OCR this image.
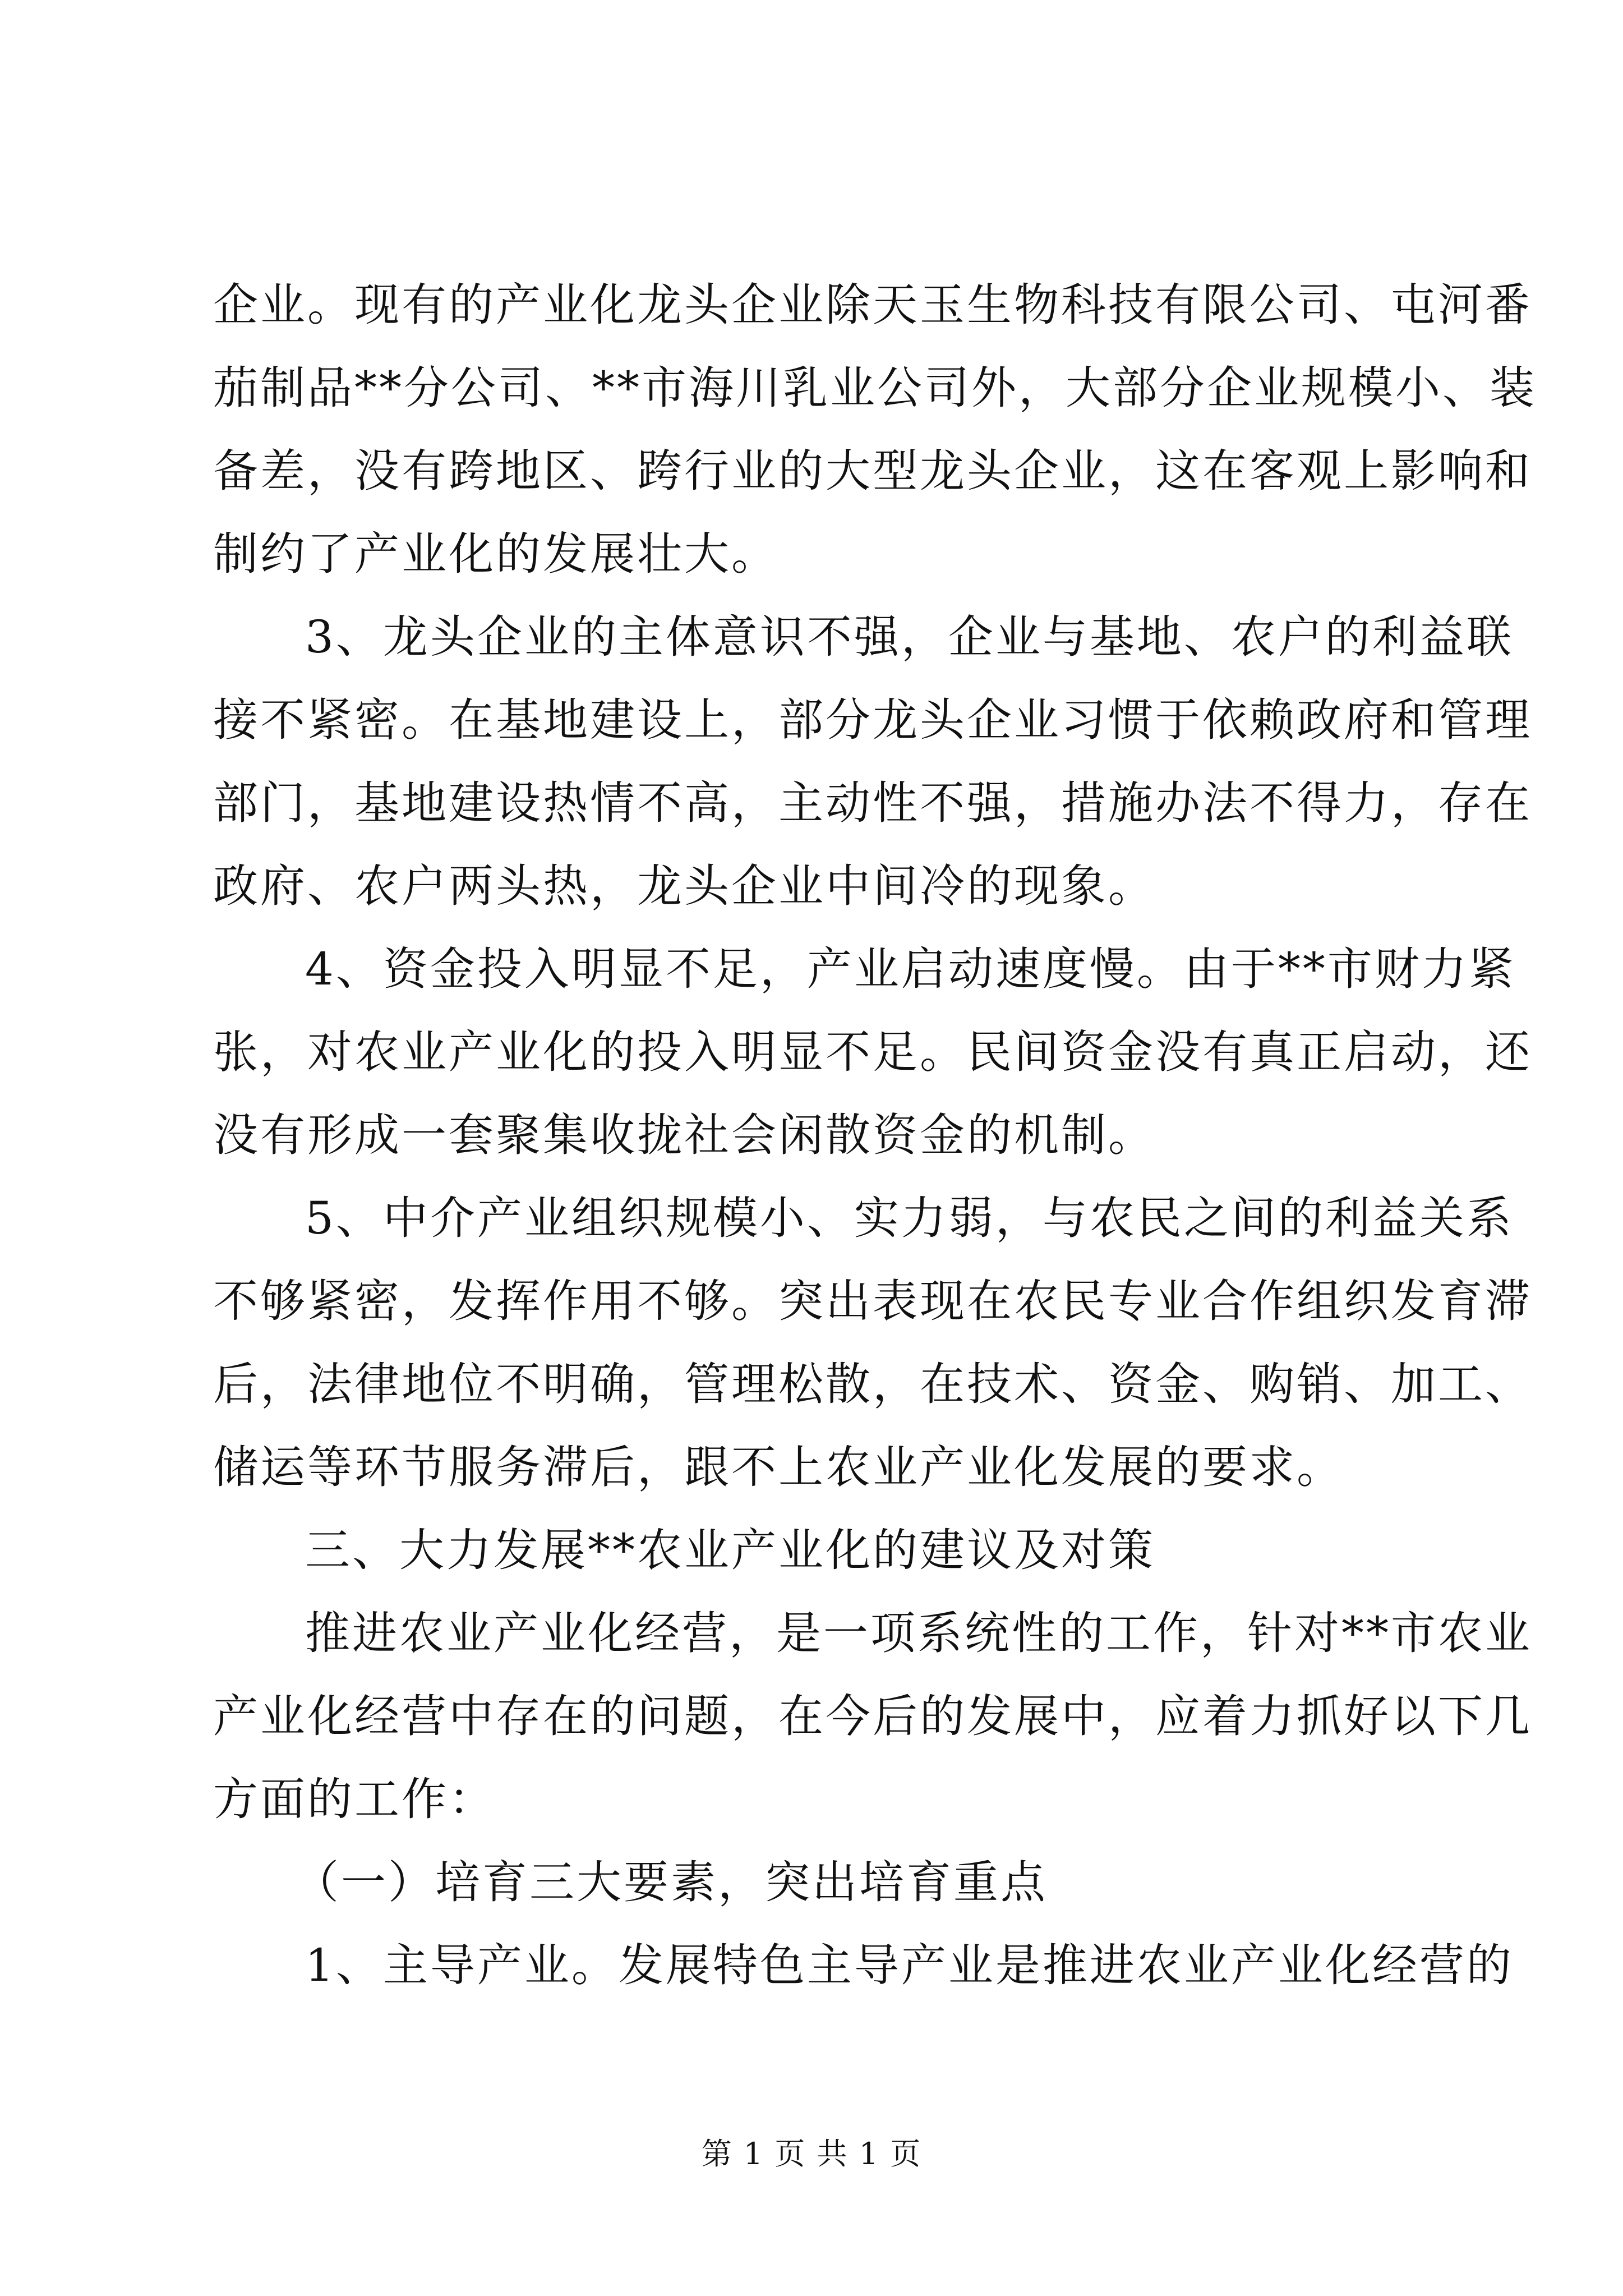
企业。现有的产业化龙头企业除天玉生物科技有限公司、屯河番
茄制品**分公司、**市海川乳业公司外，大部分企业规模小、装
备差，没有跨地区、跨行业的大型龙头企业，这在客观上影响和
制约了产业化的发展壮大。
3、龙头企业的主体意识不强，企业与基地、农户的利益联
接不紧密。在基地建设上，部分龙头企业习惯于依赖政府和管理
部门，基地建设热情不高，主动性不强，措施办法不得力，存在
政府、农户两头热，龙头企业中间冷的现象。
4、资金投入明显不足，产业启动速度慢。由于**市财力紧
张，对农业产业化的投入明显不足。民间资金没有真正启动，还
没有形成一套聚集收拢社会闲散资金的机制。
5、中介产业组织规模小、实力弱，与农民之间的利益关系
不够紧密，发挥作用不够。突出表现在农民专业合作组织发育滞
后，法律地位不明确，管理松散，在技术、资金、购销、加工、
储运等环节服务滞后，跟不上农业产业化发展的要求。
三、大力发展**农业产业化的建议及对策
推进农业产业化经营，是一项系统性的工作，针对**市农业
产业化经营中存在的问题，在今后的发展中，应着力抓好以下几
方面的工作：
（一）培育三大要素，突出培育重点
1、主导产业。发展特色主导产业是推进农业产业化经营的
第 1 页 共 1 页
